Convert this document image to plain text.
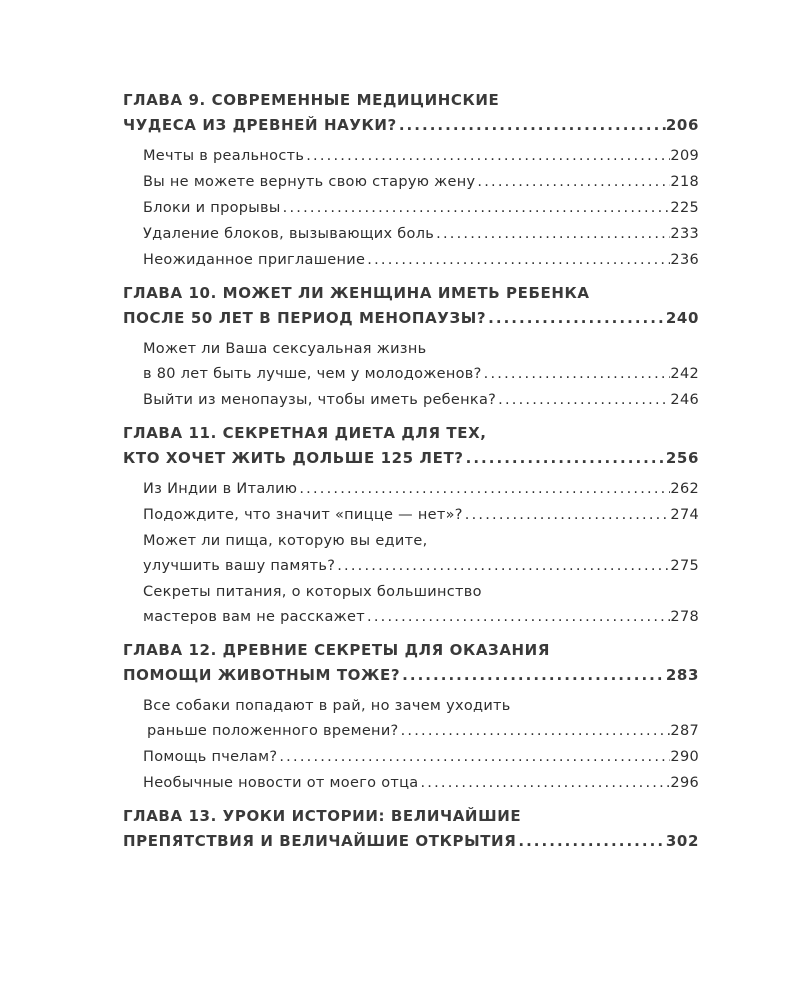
ГЛАВА 9. СОВРЕМЕННЫЕ МЕДИЦИНСКИЕ
ЧУДЕСА ИЗ ДРЕВНЕЙ НАУКИ? . . .	206
Мечты в реальность . . .	209
Вы не можете вернуть свою старую жену . . .	218
Блоки и прорывы . . .	225
Удаление блоков, вызывающих боль . . .	233
Неожиданное приглашение . . .	236
ГЛАВА 10. МОЖЕТ ЛИ ЖЕНЩИНА ИМЕТЬ РЕБЕНКА
ПОСЛЕ 50 ЛЕТ В ПЕРИОД МЕНОПАУЗЫ? . . .	240
Может ли Ваша сексуальная жизнь
в 80 лет быть лучше, чем у молодоженов? . . .	242
Выйти из менопаузы, чтобы иметь ребенка? . . .	246
ГЛАВА 11. СЕКРЕТНАЯ ДИЕТА ДЛЯ ТЕХ,
КТО ХОЧЕТ ЖИТЬ ДОЛЬШЕ 125 ЛЕТ? . . .	256
Из Индии в Италию . . .	262
Подождите, что значит «пицце — нет»? . . .	274
Может ли пища, которую вы едите,
улучшить вашу память? . . .	275
Секреты питания, о которых большинство
мастеров вам не расскажет . . .	278
ГЛАВА 12. ДРЕВНИЕ СЕКРЕТЫ ДЛЯ ОКАЗАНИЯ
ПОМОЩИ ЖИВОТНЫМ ТОЖЕ? . . .	283
Все собаки попадают в рай, но зачем уходить
раньше положенного времени? . . .	287
Помощь пчелам? . . .	290
Необычные новости от моего отца . . .	296
ГЛАВА 13. УРОКИ ИСТОРИИ: ВЕЛИЧАЙШИЕ
ПРЕПЯТСТВИЯ И ВЕЛИЧАЙШИЕ ОТКРЫТИЯ . . .	302
